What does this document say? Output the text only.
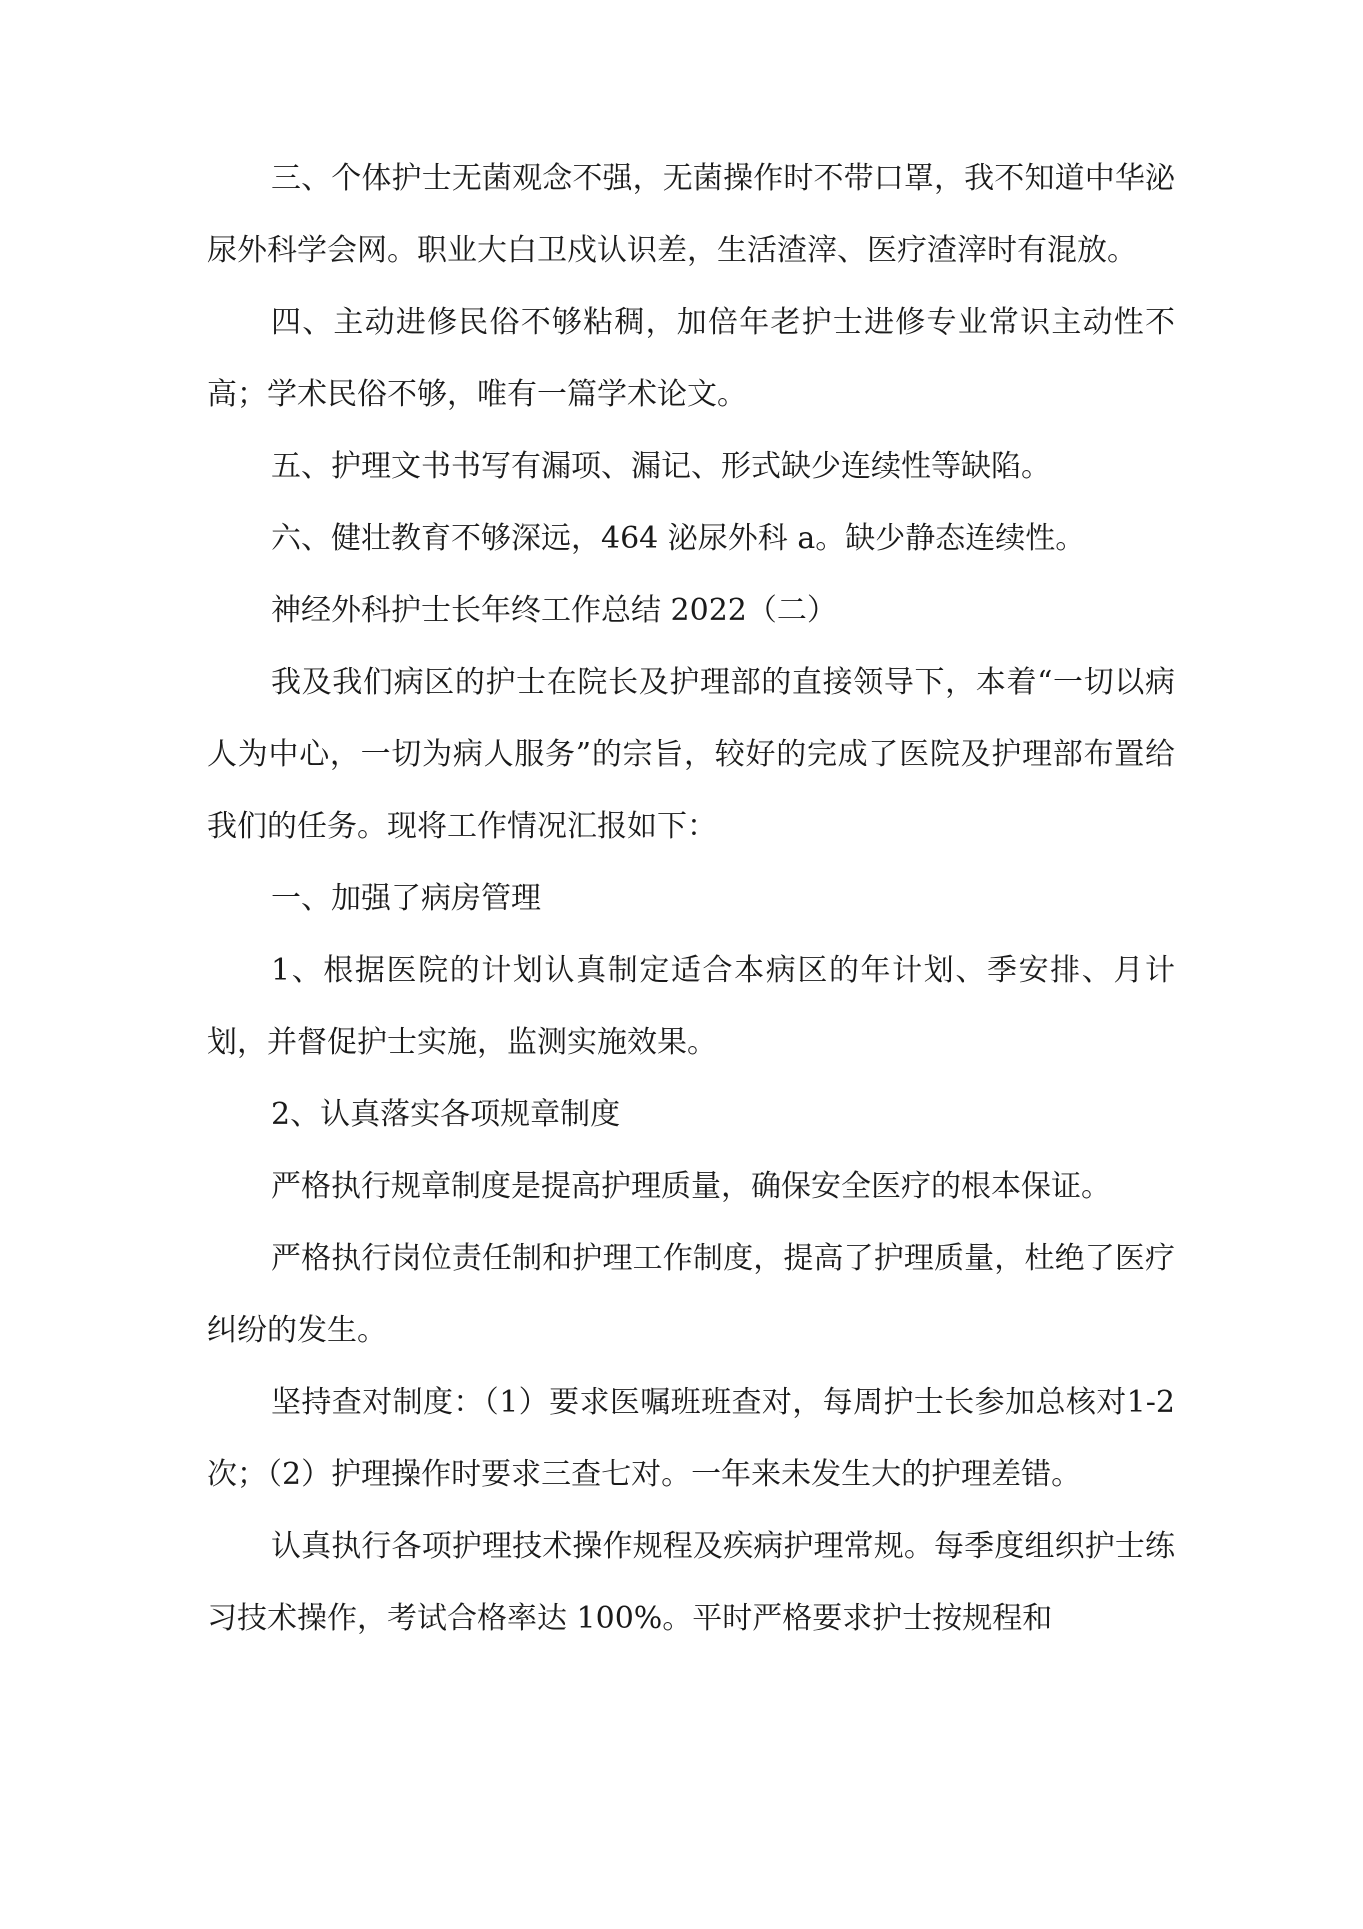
三、个体护士无菌观念不强，无菌操作时不带口罩，我不知道中华泌尿外科学会网。职业大白卫戍认识差，生活渣滓、医疗渣滓时有混放。

四、主动进修民俗不够粘稠，加倍年老护士进修专业常识主动性不高；学术民俗不够，唯有一篇学术论文。

五、护理文书书写有漏项、漏记、形式缺少连续性等缺陷。

六、健壮教育不够深远，464 泌尿外科 a。缺少静态连续性。

神经外科护士长年终工作总结 2022（二）

我及我们病区的护士在院长及护理部的直接领导下，本着“一切以病人为中心，一切为病人服务”的宗旨，较好的完成了医院及护理部布置给我们的任务。现将工作情况汇报如下：

一、加强了病房管理

1、根据医院的计划认真制定适合本病区的年计划、季安排、月计划，并督促护士实施，监测实施效果。

2、认真落实各项规章制度

严格执行规章制度是提高护理质量，确保安全医疗的根本保证。

严格执行岗位责任制和护理工作制度，提高了护理质量，杜绝了医疗纠纷的发生。

坚持查对制度：（1）要求医嘱班班查对，每周护士长参加总核对1-2 次；（2）护理操作时要求三查七对。一年来未发生大的护理差错。

认真执行各项护理技术操作规程及疾病护理常规。每季度组织护士练习技术操作，考试合格率达 100%。平时严格要求护士按规程和
